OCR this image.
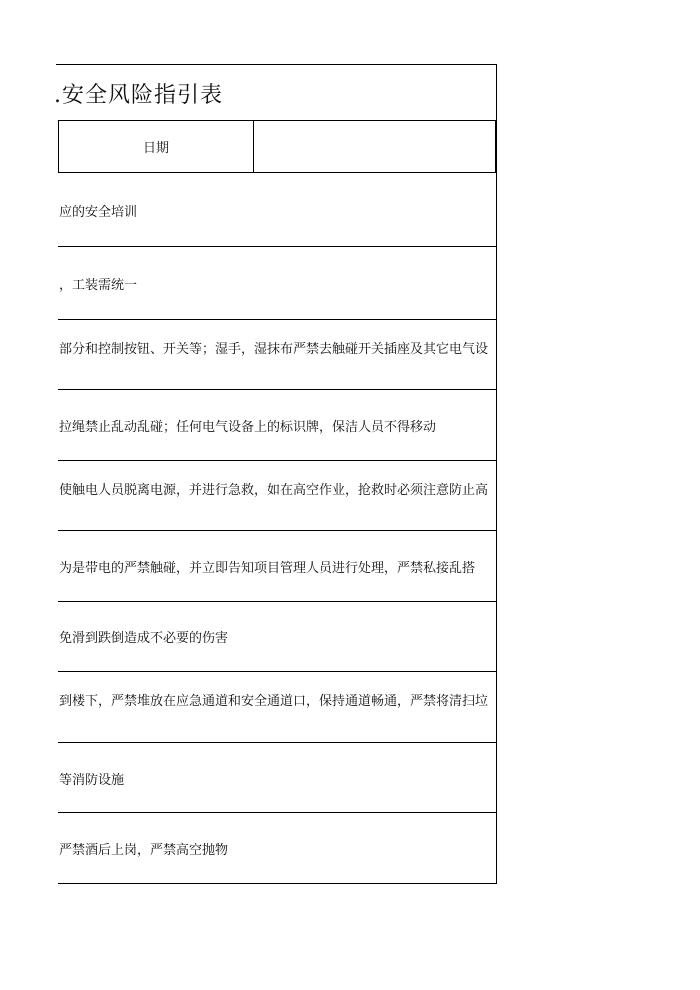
.安全风险指引表
日期
应的安全培训
，工装需统一
部分和控制按钮、开关等；湿手，湿抹布严禁去触碰开关插座及其它电气设
拉绳禁止乱动乱碰；任何电气设备上的标识牌，保洁人员不得移动
使触电人员脱离电源，并进行急救，如在高空作业，抢救时必须注意防止高
为是带电的严禁触碰，并立即告知项目管理人员进行处理，严禁私接乱搭
免滑到跌倒造成不必要的伤害
到楼下，严禁堆放在应急通道和安全通道口，保持通道畅通，严禁将清扫垃
等消防设施
严禁酒后上岗，严禁高空抛物
